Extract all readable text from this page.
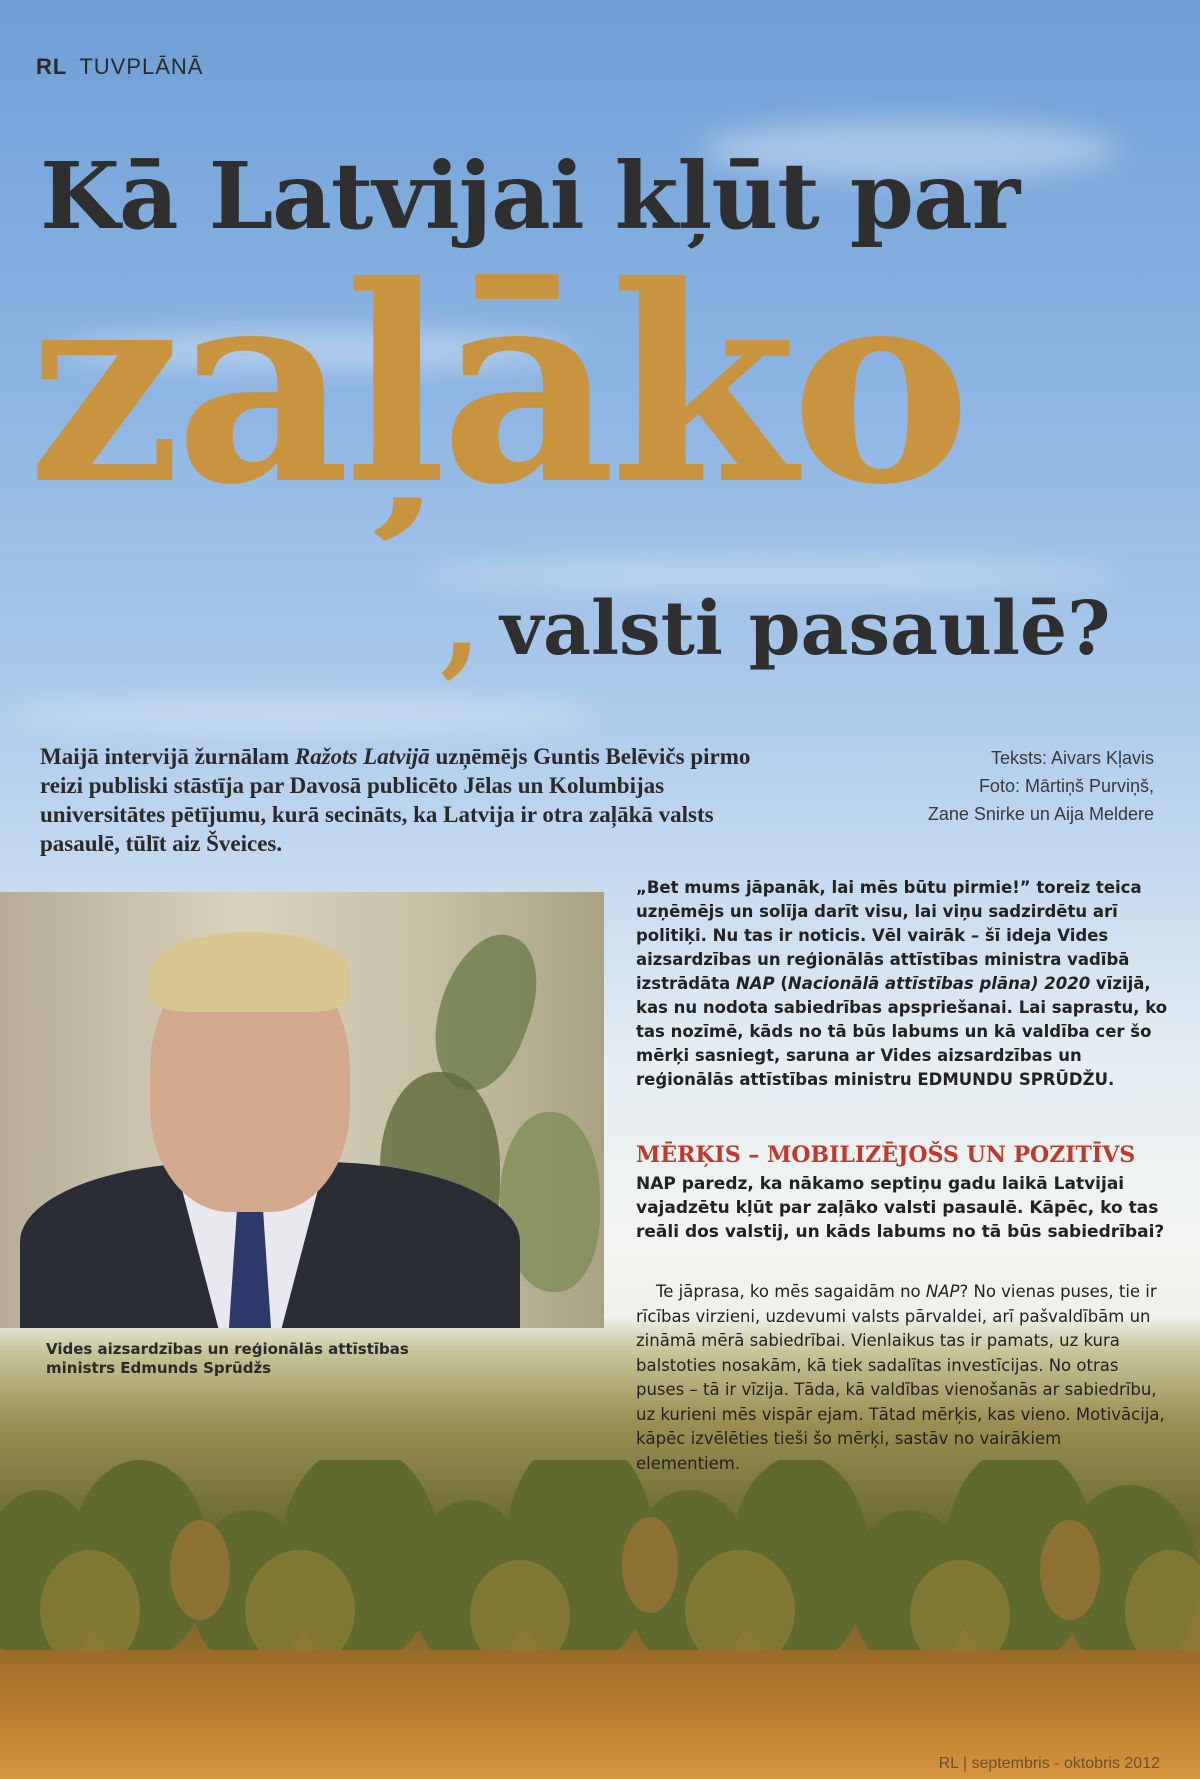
RL TUVPLĀNĀ
Kā Latvijai kļūt par
zaļāko
, valsti pasaulē?
Maijā intervijā žurnālam Ražots Latvijā uzņēmējs Guntis Belēvičs pirmo reizi publiski stāstīja par Davosā publicēto Jēlas un Kolumbijas universitātes pētījumu, kurā secināts, ka Latvija ir otra zaļākā valsts pasaulē, tūlīt aiz Šveices.
Teksts: Aivars Kļavis
Foto: Mārtiņš Purviņš,
Zane Snirke un Aija Meldere
Vides aizsardzības un reģionālās attīstības ministrs Edmunds Sprūdžs
„Bet mums jāpanāk, lai mēs būtu pirmie!” toreiz teica uzņēmējs un solīja darīt visu, lai viņu sadzirdētu arī politiķi. Nu tas ir noticis. Vēl vairāk – šī ideja Vides aizsardzības un reģionālās attīstības ministra vadībā izstrādāta NAP (Nacionālā attīstības plāna) 2020 vīzijā, kas nu nodota sabiedrības apspriešanai. Lai saprastu, ko tas nozīmē, kāds no tā būs labums un kā valdība cer šo mērķi sasniegt, saruna ar Vides aizsardzības un reģionālās attīstības ministru EDMUNDU SPRŪDŽU.
MĒRĶIS – MOBILIZĒJOŠS UN POZITĪVS
NAP paredz, ka nākamo septiņu gadu laikā Latvijai vajadzētu kļūt par zaļāko valsti pasaulē. Kāpēc, ko tas reāli dos valstij, un kāds labums no tā būs sabiedrībai?
Te jāprasa, ko mēs sagaidām no NAP? No vienas puses, tie ir rīcības virzieni, uzdevumi valsts pārvaldei, arī pašvaldībām un zināmā mērā sabiedrībai. Vienlaikus tas ir pamats, uz kura balstoties nosakām, kā tiek sadalītas investīcijas. No otras puses – tā ir vīzija. Tāda, kā valdības vienošanās ar sabiedrību, uz kurieni mēs vispār ejam. Tātad mērķis, kas vieno. Motivācija, kāpēc izvēlēties tieši šo mērķi, sastāv no vairākiem elementiem.
RL | septembris - oktobris 2012
